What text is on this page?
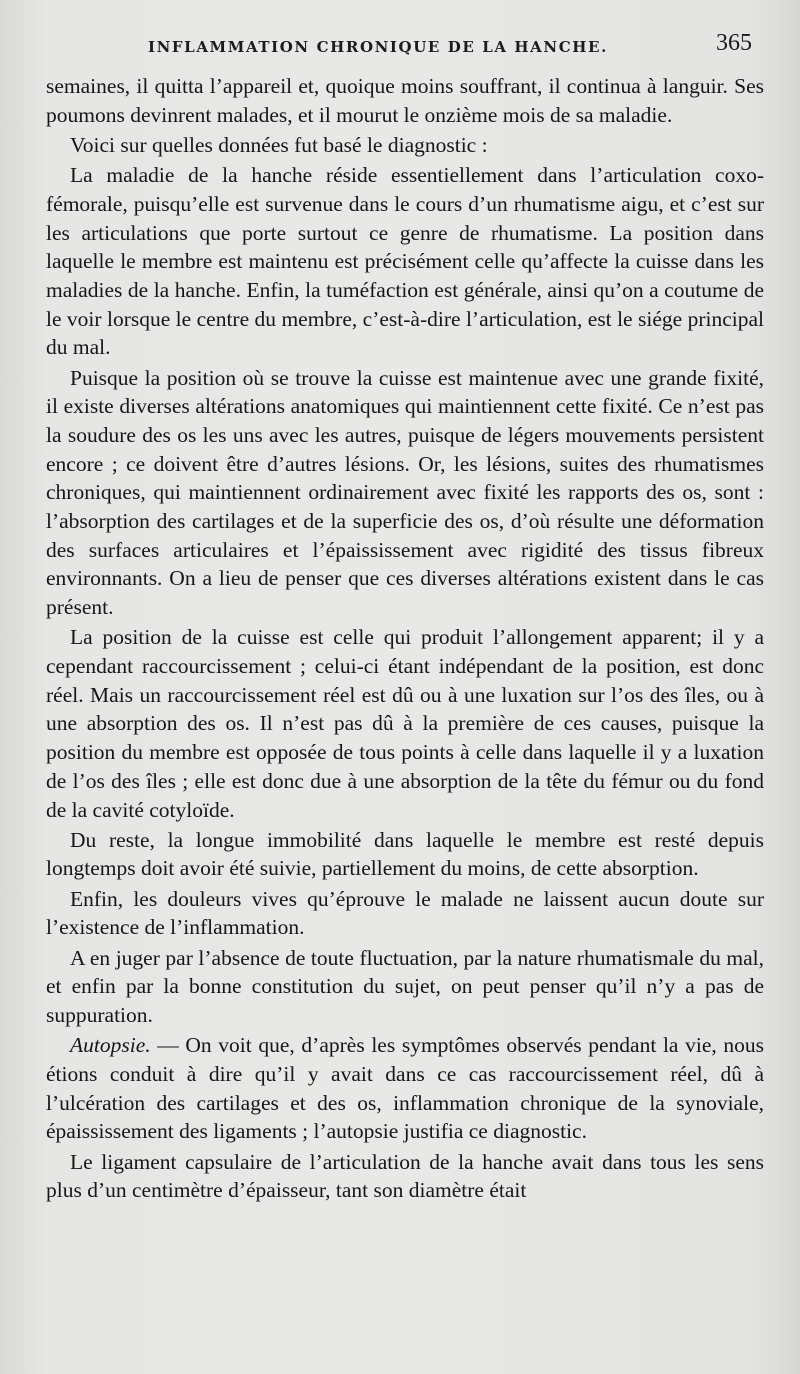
INFLAMMATION CHRONIQUE DE LA HANCHE.	365

semaines, il quitta l’appareil et, quoique moins souffrant, il continua à languir. Ses poumons devinrent malades, et il mourut le onzième mois de sa maladie.

Voici sur quelles données fut basé le diagnostic :

La maladie de la hanche réside essentiellement dans l’articulation coxo-fémorale, puisqu’elle est survenue dans le cours d’un rhumatisme aigu, et c’est sur les articulations que porte surtout ce genre de rhumatisme. La position dans laquelle le membre est maintenu est précisément celle qu’affecte la cuisse dans les maladies de la hanche. Enfin, la tuméfaction est générale, ainsi qu’on a coutume de le voir lorsque le centre du membre, c’est-à-dire l’articulation, est le siége principal du mal.

Puisque la position où se trouve la cuisse est maintenue avec une grande fixité, il existe diverses altérations anatomiques qui maintiennent cette fixité. Ce n’est pas la soudure des os les uns avec les autres, puisque de légers mouvements persistent encore ; ce doivent être d’autres lésions. Or, les lésions, suites des rhumatismes chroniques, qui maintiennent ordinairement avec fixité les rapports des os, sont : l’absorption des cartilages et de la superficie des os, d’où résulte une déformation des surfaces articulaires et l’épaississement avec rigidité des tissus fibreux environnants. On a lieu de penser que ces diverses altérations existent dans le cas présent.

La position de la cuisse est celle qui produit l’allongement apparent; il y a cependant raccourcissement ; celui-ci étant indépendant de la position, est donc réel. Mais un raccourcissement réel est dû ou à une luxation sur l’os des îles, ou à une absorption des os. Il n’est pas dû à la première de ces causes, puisque la position du membre est opposée de tous points à celle dans laquelle il y a luxation de l’os des îles ; elle est donc due à une absorption de la tête du fémur ou du fond de la cavité cotyloïde.

Du reste, la longue immobilité dans laquelle le membre est resté depuis longtemps doit avoir été suivie, partiellement du moins, de cette absorption.

Enfin, les douleurs vives qu’éprouve le malade ne laissent aucun doute sur l’existence de l’inflammation.

A en juger par l’absence de toute fluctuation, par la nature rhumatismale du mal, et enfin par la bonne constitution du sujet, on peut penser qu’il n’y a pas de suppuration.

Autopsie. — On voit que, d’après les symptômes observés pendant la vie, nous étions conduit à dire qu’il y avait dans ce cas raccourcissement réel, dû à l’ulcération des cartilages et des os, inflammation chronique de la synoviale, épaississement des ligaments ; l’autopsie justifia ce diagnostic.

Le ligament capsulaire de l’articulation de la hanche avait dans tous les sens plus d’un centimètre d’épaisseur, tant son diamètre était
